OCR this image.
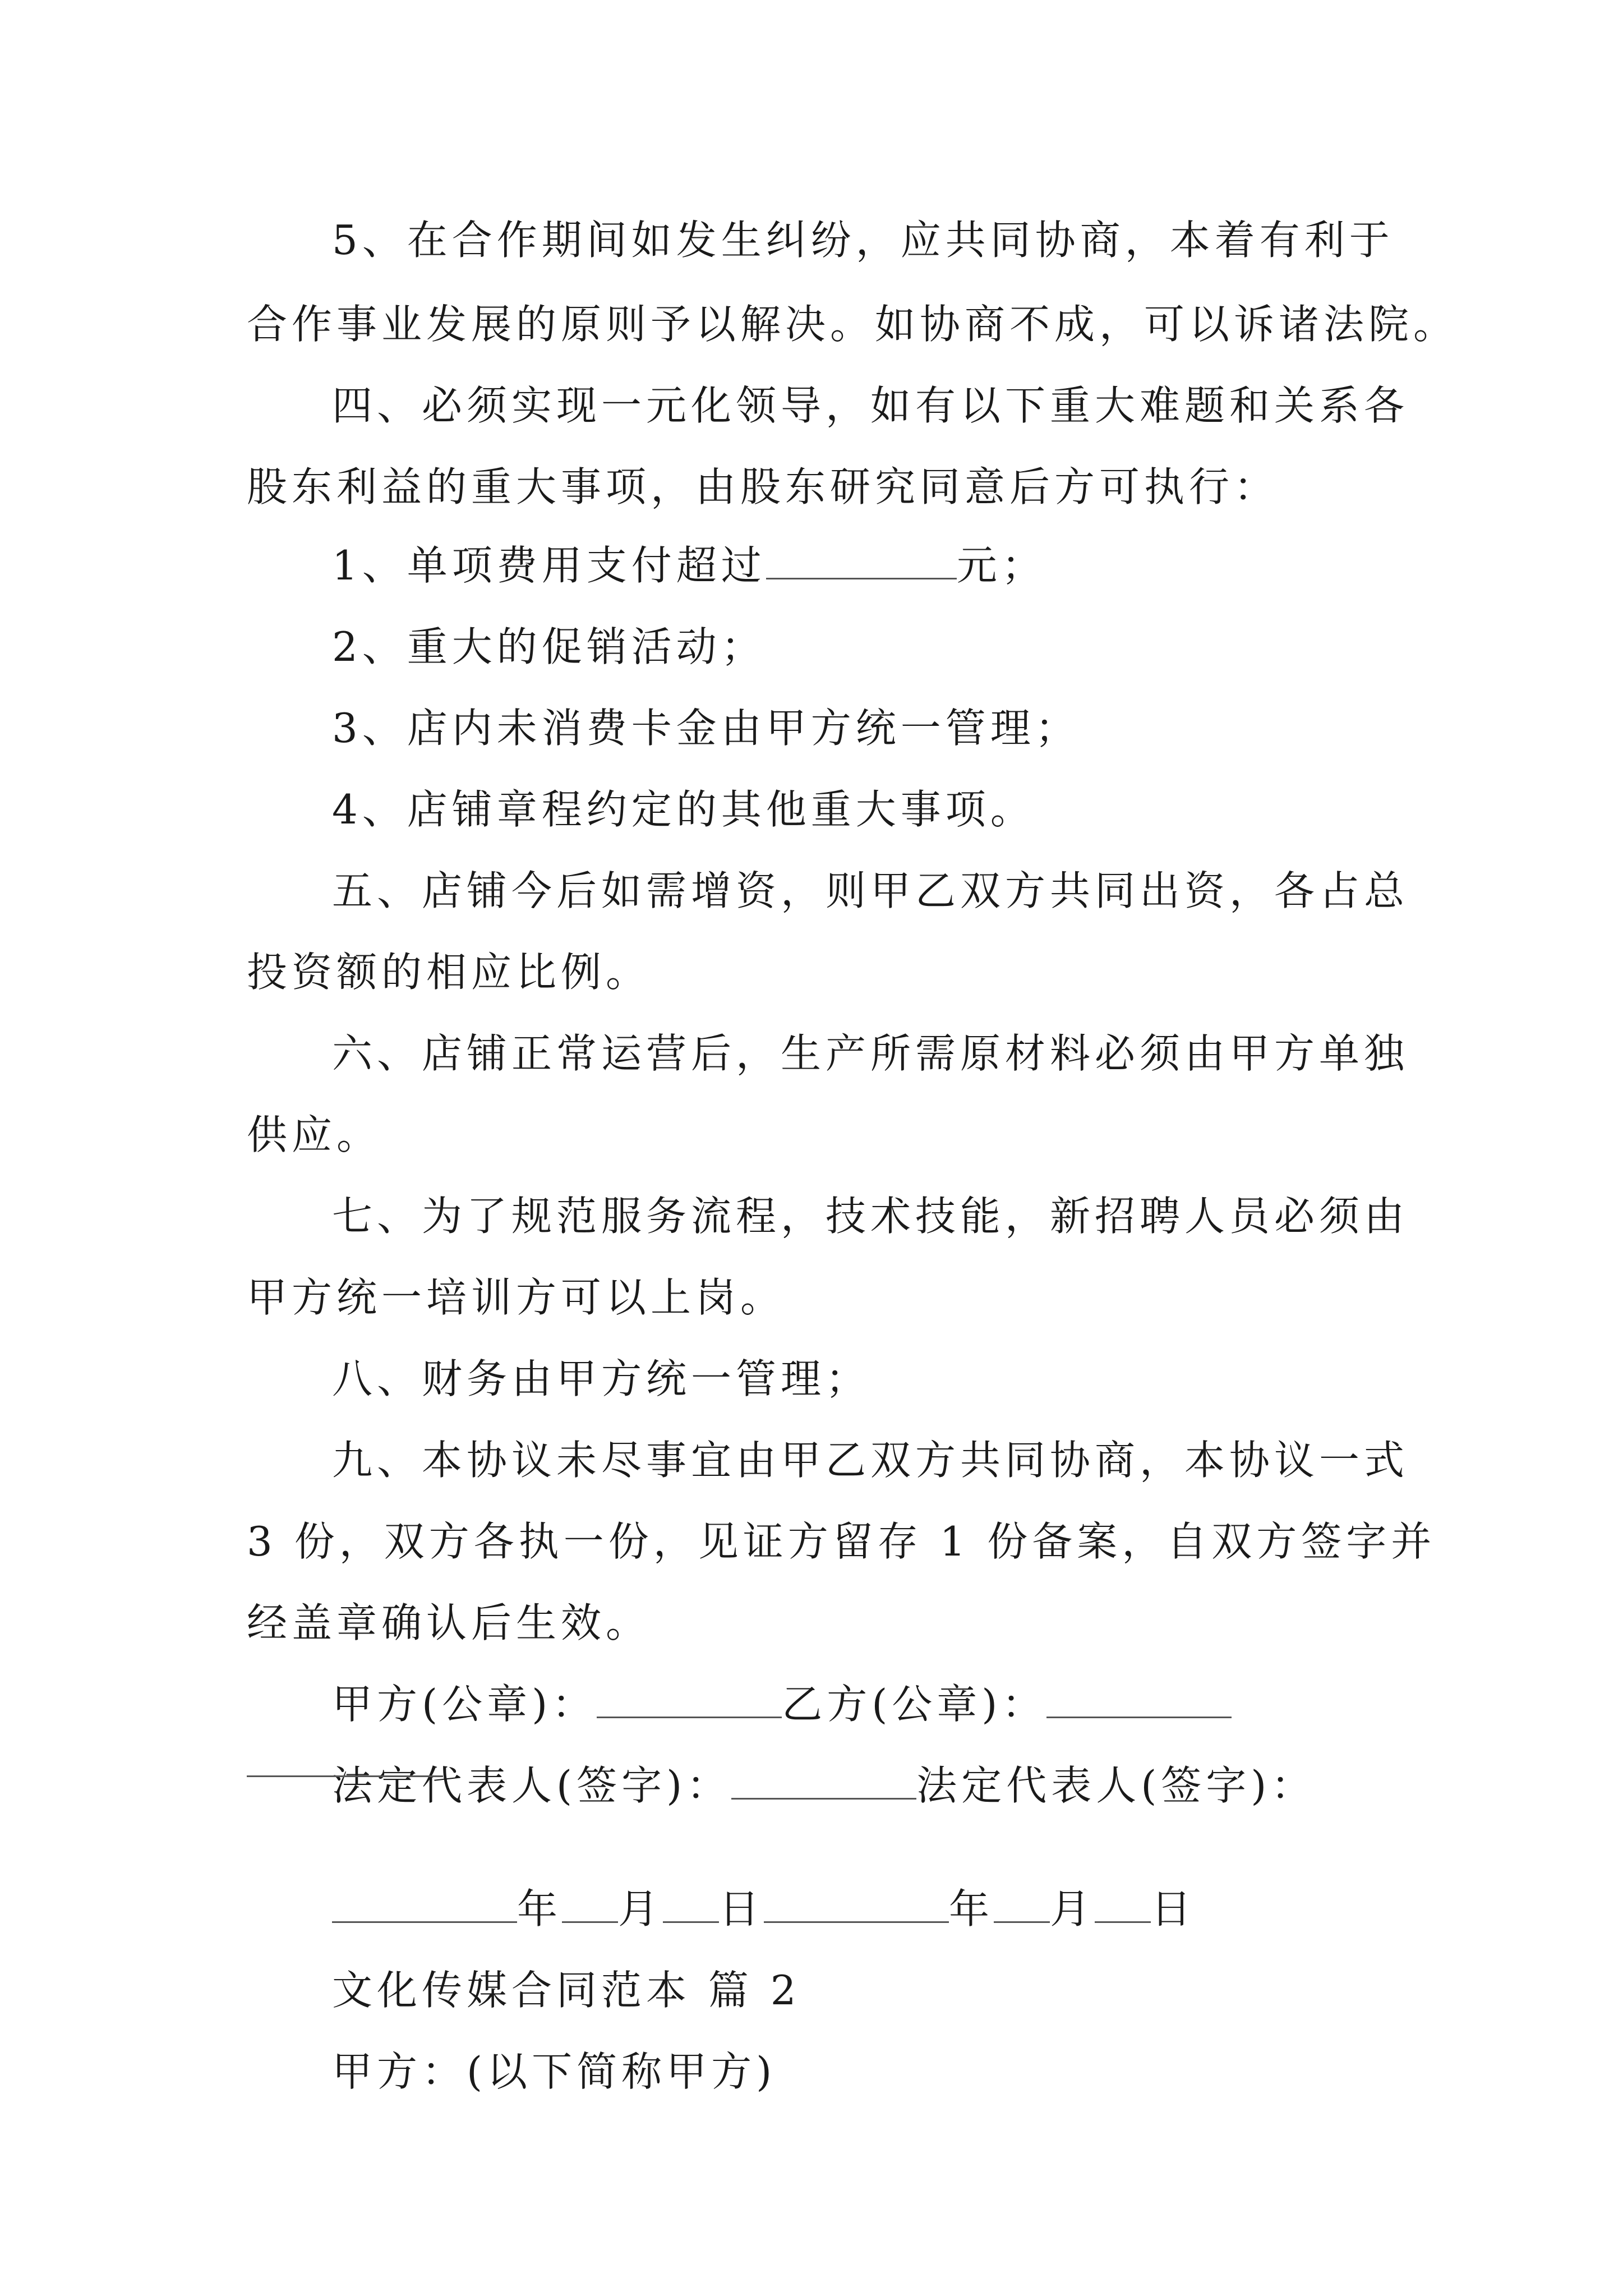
5、在合作期间如发生纠纷，应共同协商，本着有利于
合作事业发展的原则予以解决。如协商不成，可以诉诸法院。
四、必须实现一元化领导，如有以下重大难题和关系各
股东利益的重大事项，由股东研究同意后方可执行：
1、单项费用支付超过	元；
2、重大的促销活动；
3、店内未消费卡金由甲方统一管理；
4、店铺章程约定的其他重大事项。
五、店铺今后如需增资，则甲乙双方共同出资，各占总
投资额的相应比例。
六、店铺正常运营后，生产所需原材料必须由甲方单独
供应。
七、为了规范服务流程，技术技能，新招聘人员必须由
甲方统一培训方可以上岗。
八、财务由甲方统一管理；
九、本协议未尽事宜由甲乙双方共同协商，本协议一式
3 份，双方各执一份，见证方留存 1 份备案，自双方签字并
经盖章确认后生效。
甲方(公章)：	乙方(公章)：
法定代表人(签字)：	法定代表人(签字)：
年 月 日	年 月 日
文化传媒合同范本 篇 2
甲方：(以下简称甲方)
